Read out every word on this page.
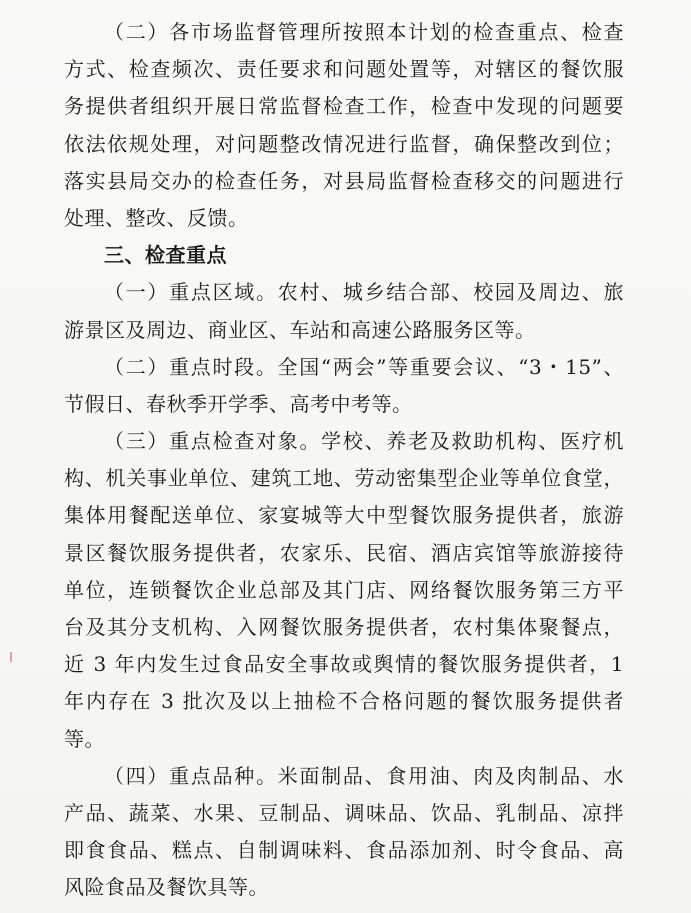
（二）各市场监督管理所按照本计划的检查重点、检查
方式、检查频次、责任要求和问题处置等，对辖区的餐饮服
务提供者组织开展日常监督检查工作，检查中发现的问题要
依法依规处理，对问题整改情况进行监督，确保整改到位；
落实县局交办的检查任务，对县局监督检查移交的问题进行
处理、整改、反馈。
三、检查重点
（一）重点区域。农村、城乡结合部、校园及周边、旅
游景区及周边、商业区、车站和高速公路服务区等。
（二）重点时段。全国“两会”等重要会议、“3・15”、
节假日、春秋季开学季、高考中考等。
（三）重点检查对象。学校、养老及救助机构、医疗机
构、机关事业单位、建筑工地、劳动密集型企业等单位食堂，
集体用餐配送单位、家宴城等大中型餐饮服务提供者，旅游
景区餐饮服务提供者，农家乐、民宿、酒店宾馆等旅游接待
单位，连锁餐饮企业总部及其门店、网络餐饮服务第三方平
台及其分支机构、入网餐饮服务提供者，农村集体聚餐点，
近 3 年内发生过食品安全事故或舆情的餐饮服务提供者，1
年内存在 3 批次及以上抽检不合格问题的餐饮服务提供者
等。
（四）重点品种。米面制品、食用油、肉及肉制品、水
产品、蔬菜、水果、豆制品、调味品、饮品、乳制品、凉拌
即食食品、糕点、自制调味料、食品添加剂、时令食品、高
风险食品及餐饮具等。
